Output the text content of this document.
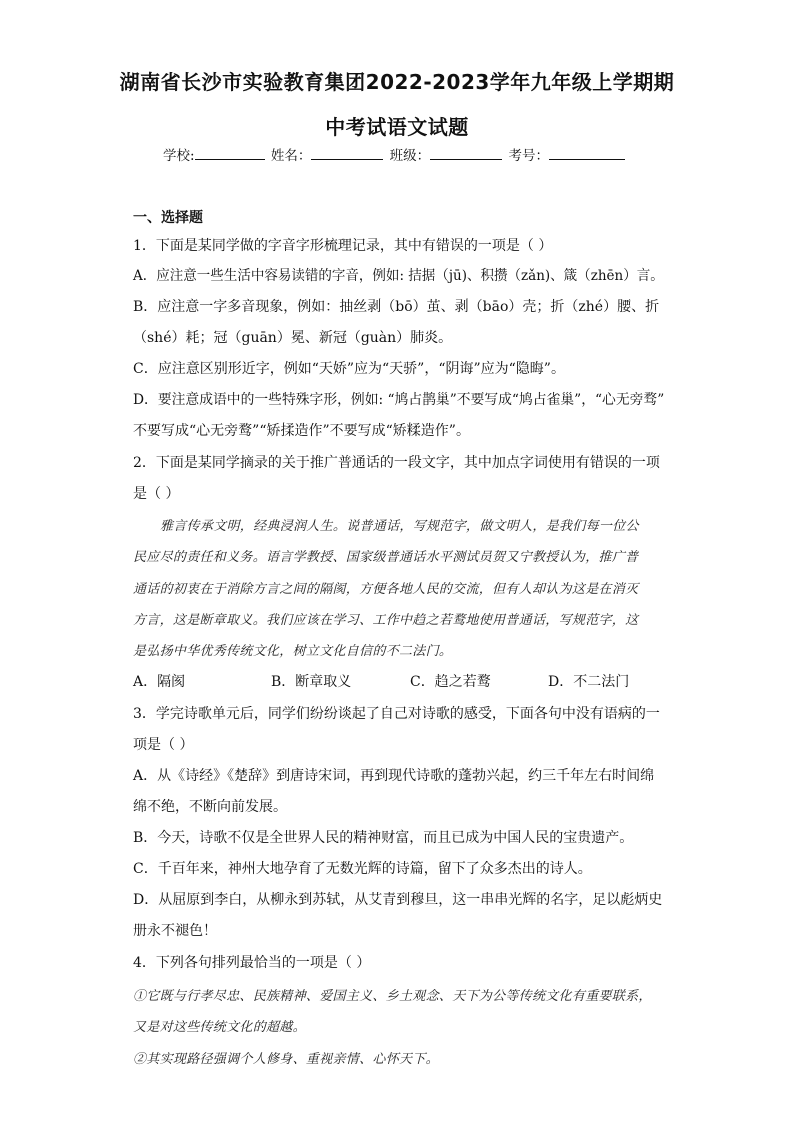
湖南省长沙市实验教育集团2022-2023学年九年级上学期期
中考试语文试题
学校:	姓名：	班级：	考号：
一、选择题
1．下面是某同学做的字音字形梳理记录，其中有错误的一项是（ ）
A．应注意一些生活中容易读错的字音，例如: 拮据（jū)、积攒（zǎn)、箴（zhēn）言。
B．应注意一字多音现象，例如：抽丝剥（bō）茧、剥（bāo）壳；折（zhé）腰、折
（shé）耗；冠（guān）冕、新冠（guàn）肺炎。
C．应注意区别形近字，例如“天娇”应为“天骄”，“阴诲”应为“隐晦”。
D．要注意成语中的一些特殊字形，例如: “鸠占鹊巢”不要写成“鸠占雀巢”，“心无旁骛”
不要写成“心无旁鹜”“矫揉造作”不要写成“矫糅造作”。
2．下面是某同学摘录的关于推广普通话的一段文字，其中加点字词使用有错误的一项
是（ ）
雅言传承文明，经典浸润人生。说普通话，写规范字，做文明人，是我们每一位公
民应尽的责任和义务。语言学教授、国家级普通话水平测试员贺又宁教授认为，推广普
通话的初衷在于消除方言之间的隔阂，方便各地人民的交流，但有人却认为这是在消灭
方言，这是断章取义。我们应该在学习、工作中趋之若鹜地使用普通话，写规范字，这
是弘扬中华优秀传统文化，树立文化自信的不二法门。
A．隔阂	B．断章取义	C．趋之若鹜	D．不二法门
3．学完诗歌单元后，同学们纷纷谈起了自己对诗歌的感受，下面各句中没有语病的一
项是（ ）
A．从《诗经》《楚辞》到唐诗宋词，再到现代诗歌的蓬勃兴起，约三千年左右时间绵
绵不绝，不断向前发展。
B．今天，诗歌不仅是全世界人民的精神财富，而且已成为中国人民的宝贵遗产。
C．千百年来，神州大地孕育了无数光辉的诗篇，留下了众多杰出的诗人。
D．从屈原到李白，从柳永到苏轼，从艾青到穆旦，这一串串光辉的名字，足以彪炳史
册永不褪色！
4．下列各句排列最恰当的一项是（ ）
①它既与行孝尽忠、民族精神、爱国主义、乡土观念、天下为公等传统文化有重要联系，
又是对这些传统文化的超越。
②其实现路径强调个人修身、重视亲情、心怀天下。
